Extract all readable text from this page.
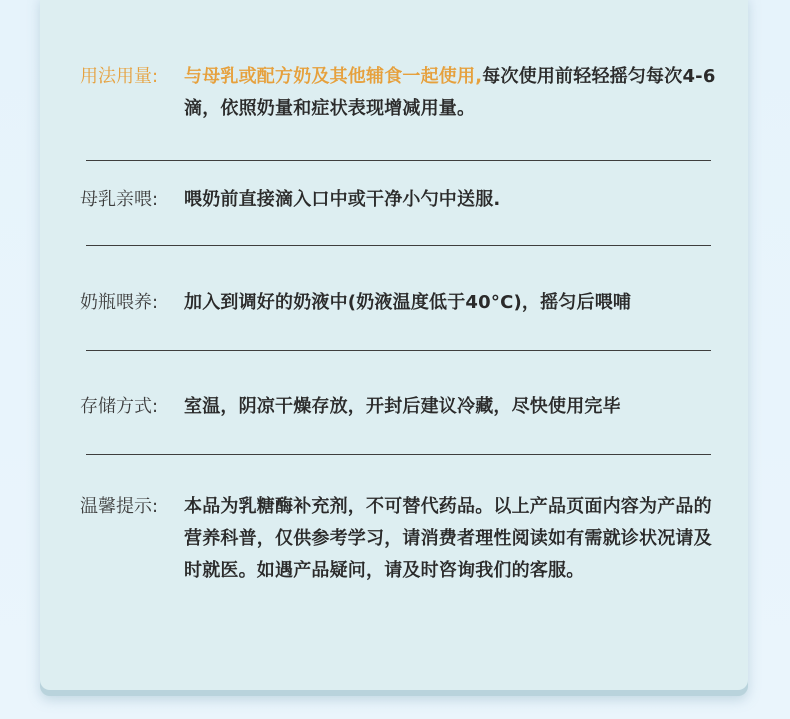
用法用量:	与母乳或配方奶及其他辅食一起使用,每次使用前轻轻摇匀每次4-6滴，依照奶量和症状表现增减用量。
母乳亲喂:	喂奶前直接滴入口中或干净小勺中送服.
奶瓶喂养:	加入到调好的奶液中(奶液温度低于40°C)，摇匀后喂哺
存储方式:	室温，阴凉干燥存放，开封后建议冷藏，尽快使用完毕
温馨提示:	本品为乳糖酶补充剂，不可替代药品。以上产品页面内容为产品的营养科普，仅供参考学习，请消费者理性阅读如有需就诊状况请及时就医。如遇产品疑问，请及时咨询我们的客服。
